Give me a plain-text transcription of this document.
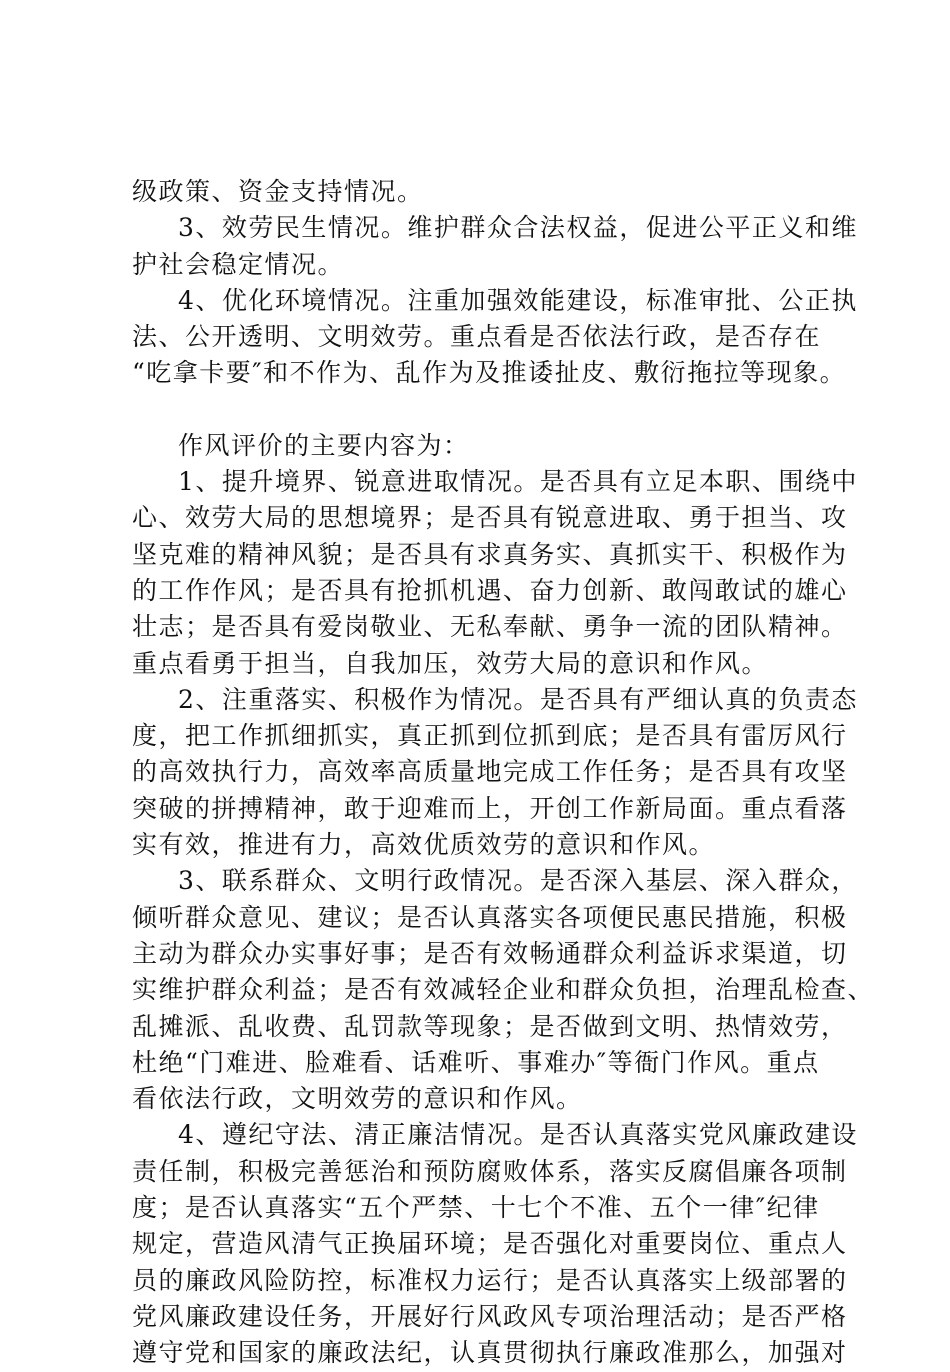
级政策、资金支持情况。
3、效劳民生情况。维护群众合法权益，促进公平正义和维
护社会稳定情况。
4、优化环境情况。注重加强效能建设，标准审批、公正执
法、公开透明、文明效劳。重点看是否依法行政，是否存在
“吃拿卡要″和不作为、乱作为及推诿扯皮、敷衍拖拉等现象。
作风评价的主要内容为：
1、提升境界、锐意进取情况。是否具有立足本职、围绕中
心、效劳大局的思想境界；是否具有锐意进取、勇于担当、攻
坚克难的精神风貌；是否具有求真务实、真抓实干、积极作为
的工作作风；是否具有抢抓机遇、奋力创新、敢闯敢试的雄心
壮志；是否具有爱岗敬业、无私奉献、勇争一流的团队精神。
重点看勇于担当，自我加压，效劳大局的意识和作风。
2、注重落实、积极作为情况。是否具有严细认真的负责态
度，把工作抓细抓实，真正抓到位抓到底；是否具有雷厉风行
的高效执行力，高效率高质量地完成工作任务；是否具有攻坚
突破的拼搏精神，敢于迎难而上，开创工作新局面。重点看落
实有效，推进有力，高效优质效劳的意识和作风。
3、联系群众、文明行政情况。是否深入基层、深入群众，
倾听群众意见、建议；是否认真落实各项便民惠民措施，积极
主动为群众办实事好事；是否有效畅通群众利益诉求渠道，切
实维护群众利益；是否有效减轻企业和群众负担，治理乱检查、
乱摊派、乱收费、乱罚款等现象；是否做到文明、热情效劳，
杜绝“门难进、脸难看、话难听、事难办″等衙门作风。重点
看依法行政，文明效劳的意识和作风。
4、遵纪守法、清正廉洁情况。是否认真落实党风廉政建设
责任制，积极完善惩治和预防腐败体系，落实反腐倡廉各项制
度；是否认真落实“五个严禁、十七个不准、五个一律″纪律
规定，营造风清气正换届环境；是否强化对重要岗位、重点人
员的廉政风险防控，标准权力运行；是否认真落实上级部署的
党风廉政建设任务，开展好行风政风专项治理活动；是否严格
遵守党和国家的廉政法纪，认真贯彻执行廉政准那么，加强对
